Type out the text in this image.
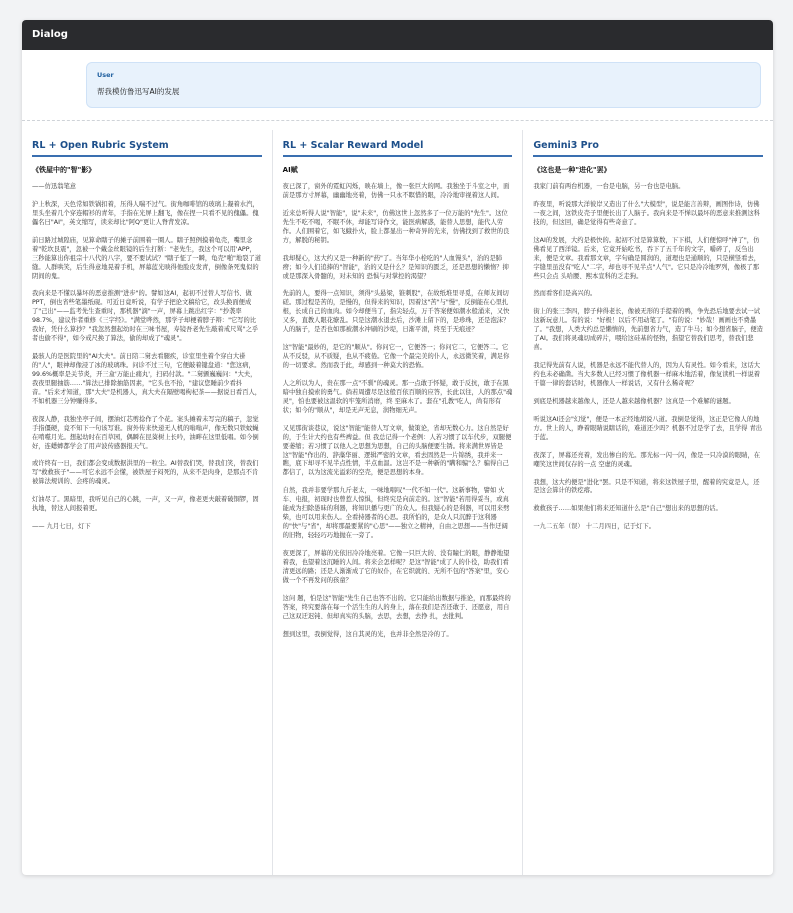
Dialog
User
帮我模仿鲁迅写AI的发展
RL + Open Rubric System
《铁屋中的"智"影》

——仿迅翁笔意

沪上秋深，天色常如铁锅扣着，压得人喘不过气。街角咖啡馆的玻璃上凝着水汽，里头坐着几个穿连帽衫的青年，手指在光屏上翻飞，像在捏一只看不见的傀儡。傀儡名曰"AI"，英文缩写，读来却比"阿Q"更让人脊背发凉。

前日路过城隍庙，见算命瞎子的摊子前围着一圈人。瞎子照例摸着龟壳，嘴里念着"乾坎艮震"，忽被一个戴金丝眼镜的后生打断："老先生，我这个可以用'APP，三秒能算出你祖宗十八代的八字，要不要试试？"瞎子怔了一瞬，龟壳"啪"地裂了道缝。人群哄笑，后生得意地晃着手机，屏幕蓝光映得他脸皮发青，倒像条死鬼似的阴间的鬼。

我向来是不懂以暴坏的恶意推测"进步"的。譬如这AI，起初不过替人写信书、做PPT，倒也省些笔墨纸砚。可近日竟听说，有学子把论文稿给它，改头换面便成了"己出"——监考先生查重时，那机器"滴"一声，屏幕上跳出红字："抄袭率98.7%，建议作者重修《三字经》。"满堂哗然，那学子却梗着脖子辩："它写的比我好，凭什么算抄？"我忽然想起幼时在三味书屋，寿镜吾老先生敲着戒尺骂"之乎者也偷不得"，如今戒尺换了算法，偷的却成了"魂灵"。

最骇人的是医院里的"AI大夫"。前日陪二舅去看腿疾，诊室里坐着个穿白大褂的"人"，眼神却像浸了冰的玻璃珠。问诊不过三句，它便敲着键盘道："您这病，99.6%概率是关节炎，开三盒'万能止痛丸'，扫码付款。"二舅颤巍巍问："大夫，我夜里腿抽筋……"算法已排除抽筋因素，"它头也不抬，"建议您睡前少看抖音。"后来才知道，那"大夫"是机器人，真大夫在隔壁喝枸杞茶——据说日看百人，不如机器三分钟赚得多。

夜深人静，我独坐亭子间，摆油灯芯剪捻作了个花。案头摊着未写完的稿子，忽觉手指僵硬，竟不知下一句该写谁。窗外传来快递无人机的嗡嗡声，像无数只铁蚊蝇在啃噬月光。想起幼时在百草园，偶瞬在昆葵树上长吟，油畔在这里低唱。如今倒好，连蟋蟀都学会了用声波传感器报天气。

或许终有一日，我们都会变成数据洪里的一粒尘。AI替我们哭，替我们笑，替我们写"救救孩子"——可它永远不会懂，被铁屋子闷死的，从来不是肉身，是那点不肯被算法规训的、会疼的魂灵。

灯油尽了。黑暗里，我听见自己的心跳，一声，又一声，像老更夫敲着破铜锣，固执地，替这人间报着更。

—— 九月七日，灯下

RL + Scalar Reward Model
AI赋

夜已深了，窗外的霓虹闪烁，映在墙上，像一张巨大的网。我独坐于斗室之中，面前是那方寸屏幕，幽幽地亮着，仿佛一只永不瞑惜的眼，冷冷地审视着这人间。

近来总听得人说"智能"，说"未来"，仿佛这世上忽然多了一位万能的"先生"。这位先生不吃不喝，不眠不休，却能写诗作文，能医病解惑，能替人思想，能代人劳作。人们围着它，如飞蛾扑火，脸上都显出一种奇异的光来，仿佛找到了救世的良方，解脱的秘钥。

我却疑心，这大约又是一种新的"药"了。当年华小栓吃的"人血馒头"，治的是肺痨；如今人们追捧的"智能"，治的又是什么？是知识的匮乏，还是思想的懒惰？抑或是那深入骨髓的，对未知的 恐惧与对掌控的渴望？

先前的人，要得一点知识，须得"头悬梁，锥刺股"，在故纸堆里寻觅，在师友间切磋。那过程是苦的，是慢的，但得来的知识，因着这"苦"与"慢"，反倒能在心里扎根，长成自己的血肉。如今却便当了，指尖轻点，万千答案便如潮水般涌来，又快又多，直教人眼花缭乱。只是这潮水退去后，沙滩上留下的，是珍珠，还是泡沫？人的脑子，是否也如那被潮水冲刷的沙堤，日渐平滑，终至于无痕迹？

这"智能"最妙的，是它的"顺从"。你问它一，它便答一；你问它二，它便答二。它从不反驳，从不质疑，也从不疲倦。它像一个最完美的仆人，永远微笑着，满足你的一切要求。然而我于此，却感到一种莫大的恐怖。

人之所以为人，贵在那一点"不驯"的魂灵。那一点敢于怀疑，敢于反抗，敢于在黑暗中独自摸索的勇气。倘若周遭尽是这般百依百顺的应答，长此以往，人的那点"魂灵"，怕也要被这温软的牢笼所消磨，终 至麻木了。套在"孔教"吃人，尚有形有状；如今的"顺从"，却是无声无息，润物细无声。

又见那街谈巷议，说这"智能"能替人写文章，做策论，省却无数心力。这自然是好的，于生计大约也有些裨益。但 我总记得一个老例：人若习惯了以车代步，双腿便要萎缩；若习惯了以他人之思想为思想，自己的头脑便要生锈。将来满世界皆是这"智能"作出的、辞藻华丽、逻辑严密的文章，看去固然是一片锦绣，我并来一瞧，底下却寻不见半点性情，半点血温。这岂不是一种新的"瞒和骗"么？骗得自己都信了，以为这流光溢彩的空壳，便是思想的本身。

自然，我并非要学那九斤老太，一味地唱叹"一代不如一代"。这新事物，譬如 火车、电报，初现时也曾惹人惊惧，但终究是向前走的。这"智能"若用得妥当，或真能成为扫除愚昧的利器，将知识播与更广的众人。但我疑心的是利器，可以用来劈柴，也可以用来伤人。全看持器者的心思。我所怕的，是众人只沉醉于这利器的"快"与"省"，却将那最要紧的"心思"——独立之精神，自由之思想——当作迂阔的旧物，轻轻巧巧地抛在一旁了。

夜更深了，屏幕的光依旧冷冷地亮着。它像一只巨大的、没有瞳仁的眼，静静地望着我，也望着这沉睡的人间。将来会怎样呢？是这"智能"成了人的仆役，助我们看清更远的路；还是人渐渐成了它的奴仆，在它织就的、无所不包的"答案"里，安心做一个不再发问的孩童？

这问 题，怕是这"智能"先生自己也答不出的。它只能给出数据与推论，而那最终的答案，终究要落在每一个活生生的人的身上，落在我们是否还敢于、还愿意，用自己这双迂迟钝、但却真实的头脑，去思，去想，去挣 扎，去批判。

想到这里，我倒觉得，这自其灵的光，也并非全然是冷的了。

Gemini3 Pro
《这也是一种"进化"罢》

我家门前有两台机器，一台是电脑，另一台也是电脑。

昨夜里，听说那大洋彼岸又造出了什么"大模型"，说是能言善辩，画图作诗，仿佛一夜之间，这铁皮壳子里便长出了人脑子。我向来是不惮以最坏的恶意来推测这科技的，但这回，确是觉得有些奇意了。

这AI的发展，大约是极快的。起初不过是算算数，下下棋，人们便惊呼"神了"，仿佛看见了西洋镜。后来，它竟开始吃书，吞下了五千年的文字，嚼碎了，反刍出来，便是文章。我看那文章，字句确是圆润的，道理也是通顺的，只是横竖看去，字缝里虽没有"吃人"二字，却也寻不见半点"人气"。它只是冷冷地罗列，像极了那些只会点 头哈腰、熙本宣科的乏走狗。

然而看客们是高兴的。

街上的张三李四，脖子伸得老长，像被无形的手提着的鸭，争先恐后地要去试一试这新玩意儿。有的说："好极！以后不用动笔了。"有的说："妙哉！画画也不费墨了。"我想，人类大约总是懒惰的，先前想省力气，造了牛马；如今想省脑子，便造了AI。我们将灵魂切成碎片，喂给这硅基的怪物，指望它替我们思考，替我们悲喜。

我记得先前有人说，机器是永远不能代替人的，因为人有灵性。如今看来，这话大约也未必确凿。当大多数人已经习惯了像机器一样麻木地活着，像复读机一样说着千篇一律的套话时，机器像人一样说话，又有什么稀奇呢？

到底是机器越来越像人，还是人越来越像机器？这真是一个难解的谜题。

听说这AI还会"幻觉"，便是一本正经地胡说八道。我倒是觉得，这正是它像人的地方。世上的人，睁着眼睛说瞎话的，难道还少吗？机器不过是学了去，且学得 青出于蓝。

夜深了，屏幕还亮着，发出惨白的光。那光标一闪一闪，像是一只冷漠的眼睛，在嘲笑这世间仅存的一点 空虚的灵魂。

我想，这大约便是"进化"罢。只是不知道，将来这铁屋子里，醒着的究竟是人，还 是这会算计的铁疙瘩。

救救孩子……如果他们将来还知道什么是"自己"想出来的思想的话。

一九二五年（误） 十二月四日，记于灯下。
